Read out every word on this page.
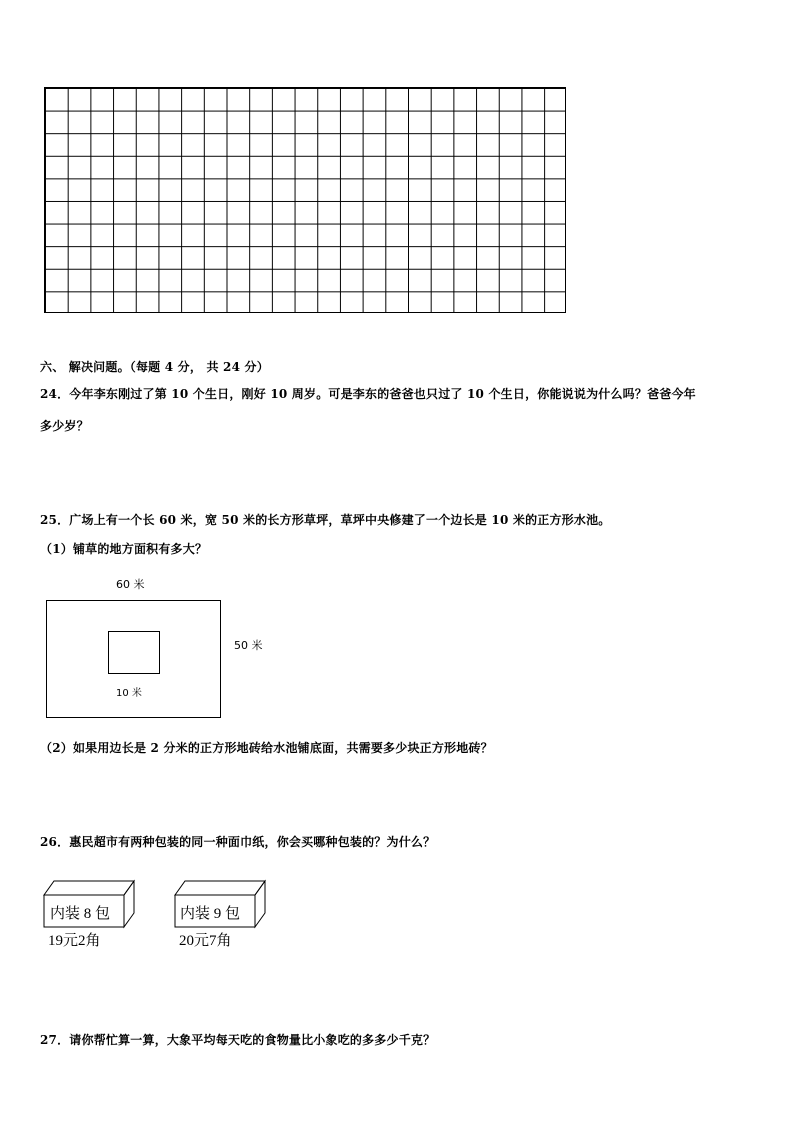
六、 解决问题。（每题 4 分， 共 24 分）
24．今年李东刚过了第 10 个生日，刚好 10 周岁。可是李东的爸爸也只过了 10 个生日，你能说说为什么吗？爸爸今年
多少岁？
25．广场上有一个长 60 米，宽 50 米的长方形草坪，草坪中央修建了一个边长是 10 米的正方形水池。
（1）铺草的地方面积有多大？
60 米
10 米
50 米
（2）如果用边长是 2 分米的正方形地砖给水池铺底面，共需要多少块正方形地砖？
26．惠民超市有两种包装的同一种面巾纸，你会买哪种包装的？为什么？
内装 8 包
19元2角
内装 9 包
20元7角
27．请你帮忙算一算，大象平均每天吃的食物量比小象吃的多多少千克？
